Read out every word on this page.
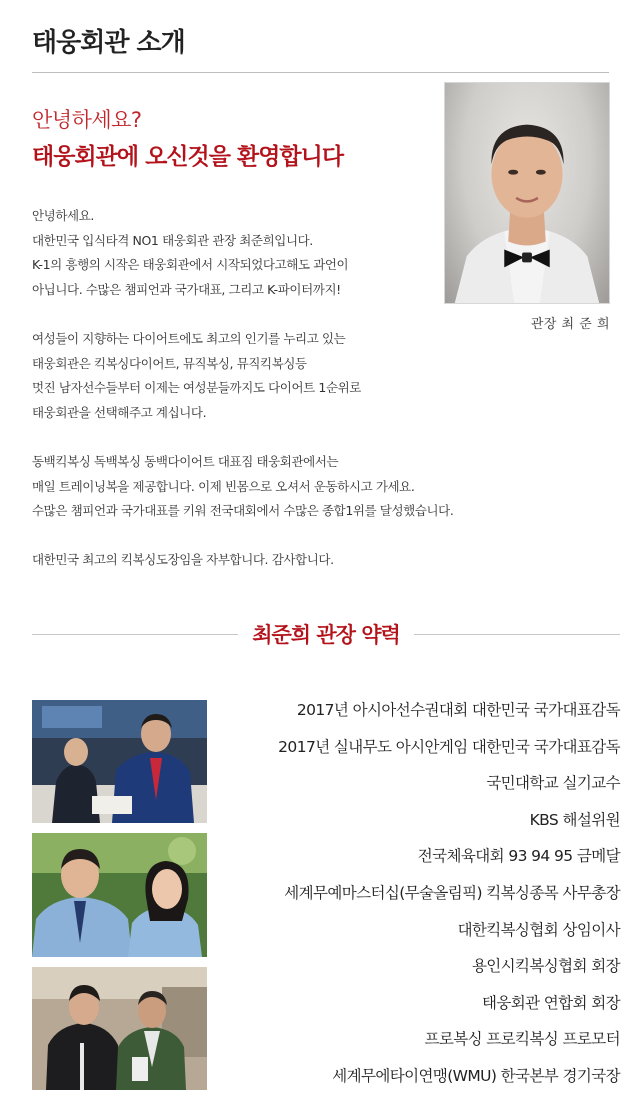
태웅회관 소개
안녕하세요?
태웅회관에 오신것을 환영합니다
안녕하세요.
대한민국 입식타격 NO1 태웅회관 관장 최준희입니다.
K-1의 흥행의 시작은 태웅회관에서 시작되었다고해도 과언이
아닙니다. 수많은 챔피언과 국가대표, 그리고 K-파이터까지!
여성들이 지향하는 다이어트에도 최고의 인기를 누리고 있는
태웅회관은 킥복싱다이어트, 뮤직복싱, 뮤직킥복싱등
멋진 남자선수들부터 이제는 여성분들까지도 다이어트 1순위로
태웅회관을 선택해주고 계십니다.
동백킥복싱 독백복싱 동백다이어트 대표짐 태웅회관에서는
매일 트레이닝복을 제공합니다. 이제 빈몸으로 오셔서 운동하시고 가세요.
수많은 챔피언과 국가대표를 키워 전국대회에서 수많은 종합1위를 달성했습니다.
대한민국 최고의 킥복싱도장임을 자부합니다. 감사합니다.
관장 최 준 희
최준희 관장 약력
2017년 아시아선수권대회 대한민국 국가대표감독
2017년 실내무도 아시안게임 대한민국 국가대표감독
국민대학교 실기교수
KBS 해설위원
전국체육대회 93 94 95 금메달
세계무예마스터십(무술올림픽) 킥복싱종목 사무총장
대한킥복싱협회 상임이사
용인시킥복싱협회 회장
태웅회관 연합회 회장
프로복싱 프로킥복싱 프로모터
세계무에타이연맹(WMU) 한국본부 경기국장
